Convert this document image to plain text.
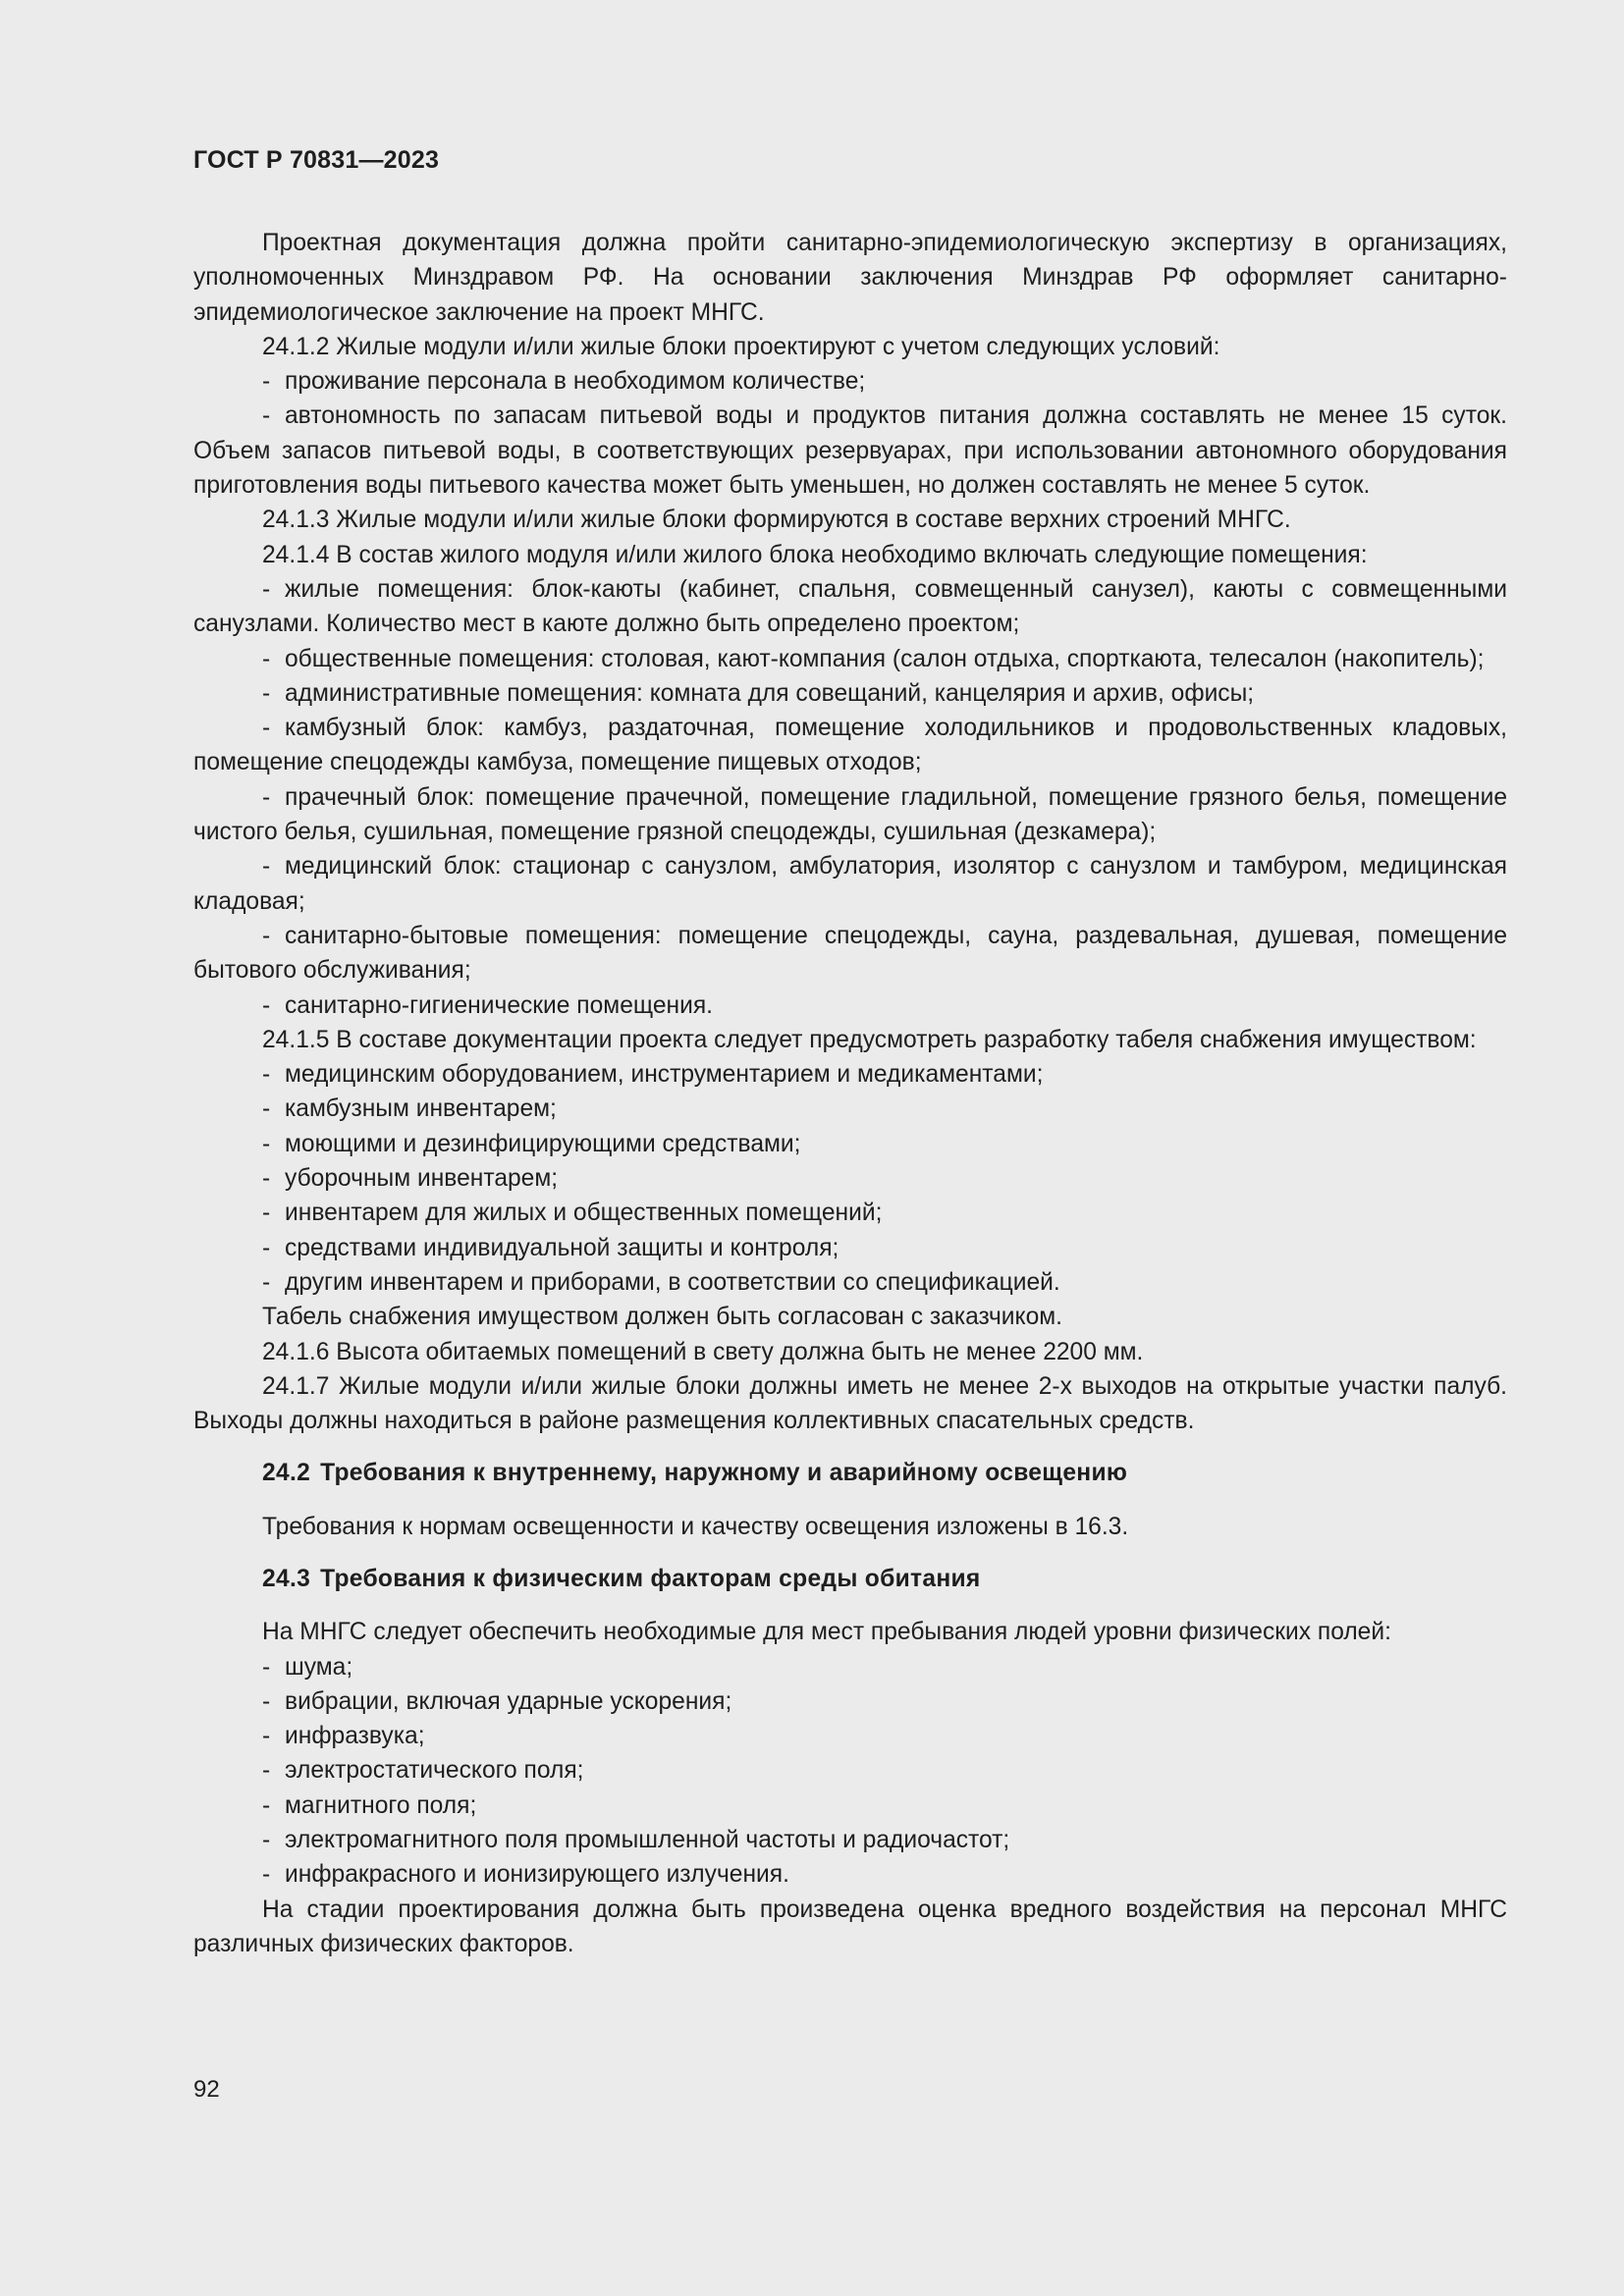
ГОСТ Р 70831—2023

Проектная документация должна пройти санитарно-эпидемиологическую экспертизу в организациях, уполномоченных Минздравом РФ. На основании заключения Минздрав РФ оформляет санитарно-эпидемиологическое заключение на проект МНГС.

24.1.2 Жилые модули и/или жилые блоки проектируют с учетом следующих условий:

- проживание персонала в необходимом количестве;

- автономность по запасам питьевой воды и продуктов питания должна составлять не менее 15 суток. Объем запасов питьевой воды, в соответствующих резервуарах, при использовании автономного оборудования приготовления воды питьевого качества может быть уменьшен, но должен составлять не менее 5 суток.

24.1.3 Жилые модули и/или жилые блоки формируются в составе верхних строений МНГС.

24.1.4 В состав жилого модуля и/или жилого блока необходимо включать следующие помещения:

- жилые помещения: блок-каюты (кабинет, спальня, совмещенный санузел), каюты с совмещенными санузлами. Количество мест в каюте должно быть определено проектом;

- общественные помещения: столовая, кают-компания (салон отдыха, спорткаюта, телесалон (накопитель);

- административные помещения: комната для совещаний, канцелярия и архив, офисы;

- камбузный блок: камбуз, раздаточная, помещение холодильников и продовольственных кладовых, помещение спецодежды камбуза, помещение пищевых отходов;

- прачечный блок: помещение прачечной, помещение гладильной, помещение грязного белья, помещение чистого белья, сушильная, помещение грязной спецодежды, сушильная (дезкамера);

- медицинский блок: стационар с санузлом, амбулатория, изолятор с санузлом и тамбуром, медицинская кладовая;

- санитарно-бытовые помещения: помещение спецодежды, сауна, раздевальная, душевая, помещение бытового обслуживания;

- санитарно-гигиенические помещения.

24.1.5 В составе документации проекта следует предусмотреть разработку табеля снабжения имуществом:

- медицинским оборудованием, инструментарием и медикаментами;

- камбузным инвентарем;

- моющими и дезинфицирующими средствами;

- уборочным инвентарем;

- инвентарем для жилых и общественных помещений;

- средствами индивидуальной защиты и контроля;

- другим инвентарем и приборами, в соответствии со спецификацией.

Табель снабжения имуществом должен быть согласован с заказчиком.

24.1.6 Высота обитаемых помещений в свету должна быть не менее 2200 мм.

24.1.7 Жилые модули и/или жилые блоки должны иметь не менее 2-х выходов на открытые участки палуб. Выходы должны находиться в районе размещения коллективных спасательных средств.

24.2 Требования к внутреннему, наружному и аварийному освещению

Требования к нормам освещенности и качеству освещения изложены в 16.3.

24.3 Требования к физическим факторам среды обитания

На МНГС следует обеспечить необходимые для мест пребывания людей уровни физических полей:

- шума;

- вибрации, включая ударные ускорения;

- инфразвука;

- электростатического поля;

- магнитного поля;

- электромагнитного поля промышленной частоты и радиочастот;

- инфракрасного и ионизирующего излучения.

На стадии проектирования должна быть произведена оценка вредного воздействия на персонал МНГС различных физических факторов.

92
